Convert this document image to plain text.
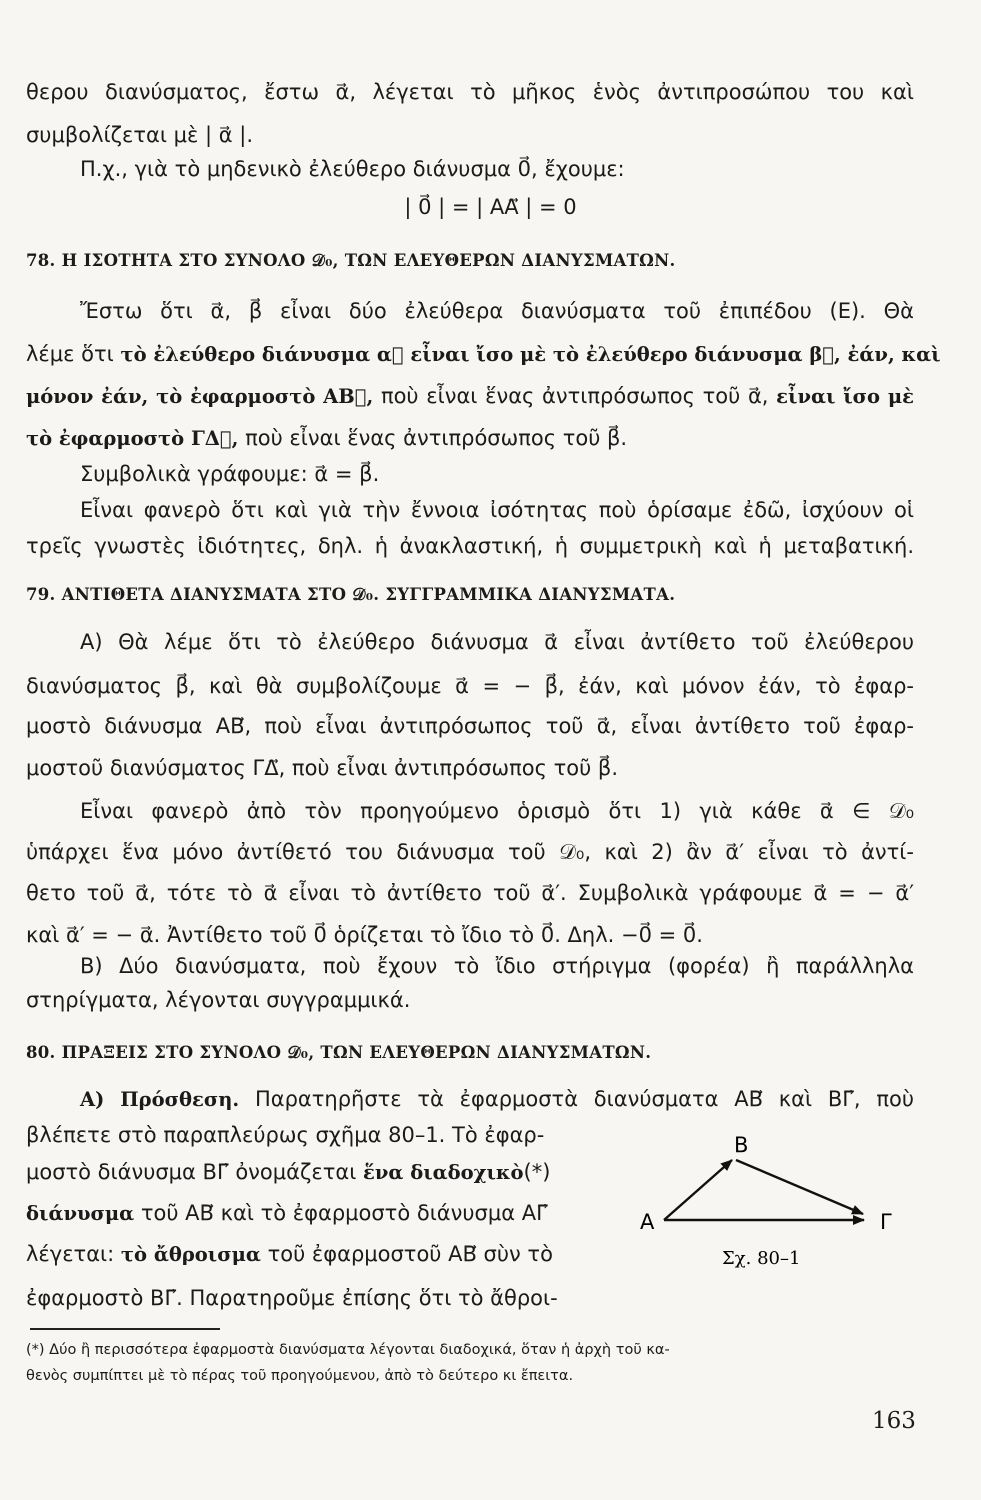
θερου διανύσματος, ἔστω α⃗, λέγεται τὸ μῆκος ἑνὸς ἀντιπροσώπου του καὶ
συμβολίζεται μὲ | α⃗ |.
Π.χ., γιὰ τὸ μηδενικὸ ἐλεύθερο διάνυσμα 0⃗, ἔχουμε:
| 0⃗ | = | ΑΑ⃗ | = 0
78. Η ΙΣΟΤΗΤΑ ΣΤΟ ΣΥΝΟΛΟ 𝒟₀, ΤΩΝ ΕΛΕΥΘΕΡΩΝ ΔΙΑΝΥΣΜΑΤΩΝ.
Ἔστω ὅτι α⃗, β⃗ εἶναι δύο ἐλεύθερα διανύσματα τοῦ ἐπιπέδου (Ε). Θὰ
λέμε ὅτι τὸ ἐλεύθερο διάνυσμα α⃗ εἶναι ἴσο μὲ τὸ ἐλεύθερο διάνυσμα β⃗, ἐάν, καὶ
μόνον ἐάν, τὸ ἐφαρμοστὸ ΑΒ⃗, ποὺ εἶναι ἕνας ἀντιπρόσωπος τοῦ α⃗, εἶναι ἴσο μὲ
τὸ ἐφαρμοστὸ ΓΔ⃗, ποὺ εἶναι ἕνας ἀντιπρόσωπος τοῦ β⃗.
Συμβολικὰ γράφουμε: α⃗ = β⃗.
Εἶναι φανερὸ ὅτι καὶ γιὰ τὴν ἔννοια ἰσότητας ποὺ ὁρίσαμε ἐδῶ, ἰσχύουν οἱ
τρεῖς γνωστὲς ἰδιότητες, δηλ. ἡ ἀνακλαστική, ἡ συμμετρικὴ καὶ ἡ μεταβατική.
79. ΑΝΤΙΘΕΤΑ ΔΙΑΝΥΣΜΑΤΑ ΣΤΟ 𝒟₀. ΣΥΓΓΡΑΜΜΙΚΑ ΔΙΑΝΥΣΜΑΤΑ.
Α) Θὰ λέμε ὅτι τὸ ἐλεύθερο διάνυσμα α⃗ εἶναι ἀντίθετο τοῦ ἐλεύθερου
διανύσματος β⃗, καὶ θὰ συμβολίζουμε α⃗ = − β⃗, ἐάν, καὶ μόνον ἐάν, τὸ ἐφαρ-
μοστὸ διάνυσμα ΑΒ⃗, ποὺ εἶναι ἀντιπρόσωπος τοῦ α⃗, εἶναι ἀντίθετο τοῦ ἐφαρ-
μοστοῦ διανύσματος ΓΔ⃗, ποὺ εἶναι ἀντιπρόσωπος τοῦ β⃗.
Εἶναι φανερὸ ἀπὸ τὸν προηγούμενο ὁρισμὸ ὅτι 1) γιὰ κάθε α⃗ ∈ 𝒟₀
ὑπάρχει ἕνα μόνο ἀντίθετό του διάνυσμα τοῦ 𝒟₀, καὶ 2) ἂν α⃗′ εἶναι τὸ ἀντί-
θετο τοῦ α⃗, τότε τὸ α⃗ εἶναι τὸ ἀντίθετο τοῦ α⃗′. Συμβολικὰ γράφουμε α⃗ = − α⃗′
καὶ α⃗′ = − α⃗. Ἀντίθετο τοῦ 0⃗ ὁρίζεται τὸ ἴδιο τὸ 0⃗. Δηλ. −0⃗ = 0⃗.
Β) Δύο διανύσματα, ποὺ ἔχουν τὸ ἴδιο στήριγμα (φορέα) ἢ παράλληλα
στηρίγματα, λέγονται συγγραμμικά.
80. ΠΡΑΞΕΙΣ ΣΤΟ ΣΥΝΟΛΟ 𝒟₀, ΤΩΝ ΕΛΕΥΘΕΡΩΝ ΔΙΑΝΥΣΜΑΤΩΝ.
Α) Πρόσθεση. Παρατηρῆστε τὰ ἐφαρμοστὰ διανύσματα ΑΒ⃗ καὶ ΒΓ⃗, ποὺ
βλέπετε στὸ παραπλεύρως σχῆμα 80–1. Τὸ ἐφαρ-
μοστὸ διάνυσμα ΒΓ⃗ ὀνομάζεται ἕνα διαδοχικὸ(*)
διάνυσμα τοῦ ΑΒ⃗ καὶ τὸ ἐφαρμοστὸ διάνυσμα ΑΓ⃗
λέγεται: τὸ ἄθροισμα τοῦ ἐφαρμοστοῦ ΑΒ⃗ σὺν τὸ
ἐφαρμοστὸ ΒΓ⃗. Παρατηροῦμε ἐπίσης ὅτι τὸ ἄθροι-
Α
Β
Γ
Σχ. 80–1
(*) Δύο ἢ περισσότερα ἐφαρμοστὰ διανύσματα λέγονται διαδοχικά, ὅταν ἡ ἀρχὴ τοῦ κα-
θενὸς συμπίπτει μὲ τὸ πέρας τοῦ προηγούμενου, ἀπὸ τὸ δεύτερο κι ἔπειτα.
163
